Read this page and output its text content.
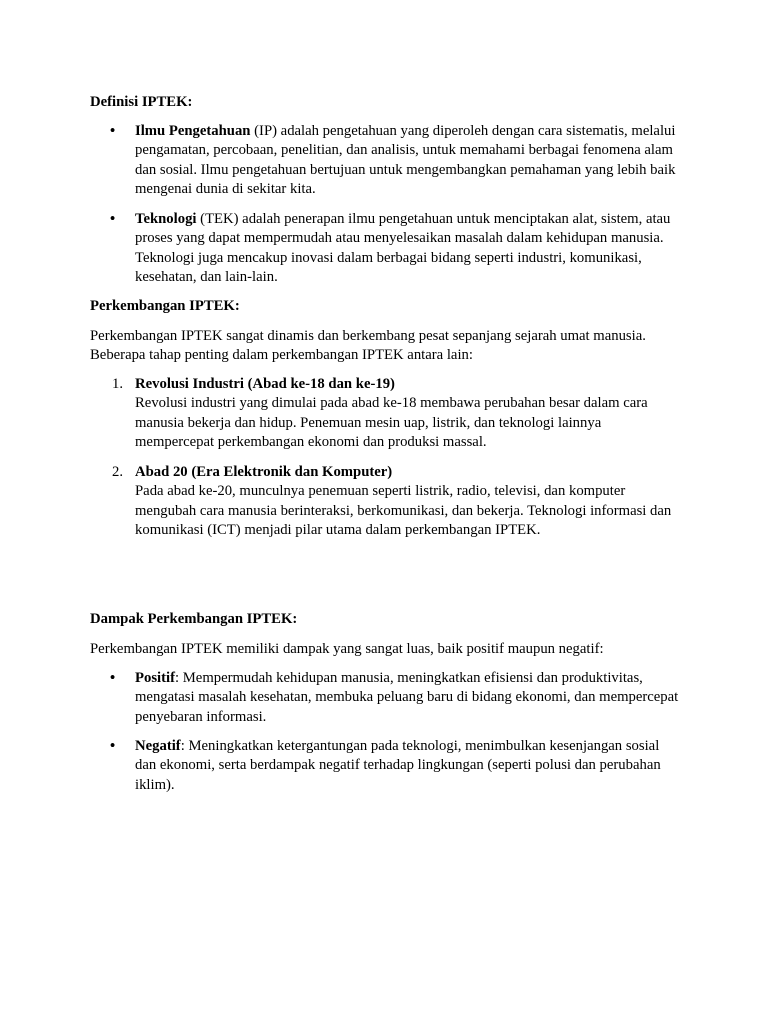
Definisi IPTEK:

• Ilmu Pengetahuan (IP) adalah pengetahuan yang diperoleh dengan cara sistematis, melalui pengamatan, percobaan, penelitian, dan analisis, untuk memahami berbagai fenomena alam dan sosial. Ilmu pengetahuan bertujuan untuk mengembangkan pemahaman yang lebih baik mengenai dunia di sekitar kita.
• Teknologi (TEK) adalah penerapan ilmu pengetahuan untuk menciptakan alat, sistem, atau proses yang dapat mempermudah atau menyelesaikan masalah dalam kehidupan manusia. Teknologi juga mencakup inovasi dalam berbagai bidang seperti industri, komunikasi, kesehatan, dan lain-lain.

Perkembangan IPTEK:

Perkembangan IPTEK sangat dinamis dan berkembang pesat sepanjang sejarah umat manusia. Beberapa tahap penting dalam perkembangan IPTEK antara lain:

1. Revolusi Industri (Abad ke-18 dan ke-19)
Revolusi industri yang dimulai pada abad ke-18 membawa perubahan besar dalam cara manusia bekerja dan hidup. Penemuan mesin uap, listrik, dan teknologi lainnya mempercepat perkembangan ekonomi dan produksi massal.
2. Abad 20 (Era Elektronik dan Komputer)
Pada abad ke-20, munculnya penemuan seperti listrik, radio, televisi, dan komputer mengubah cara manusia berinteraksi, berkomunikasi, dan bekerja. Teknologi informasi dan komunikasi (ICT) menjadi pilar utama dalam perkembangan IPTEK.

Dampak Perkembangan IPTEK:

Perkembangan IPTEK memiliki dampak yang sangat luas, baik positif maupun negatif:

• Positif: Mempermudah kehidupan manusia, meningkatkan efisiensi dan produktivitas, mengatasi masalah kesehatan, membuka peluang baru di bidang ekonomi, dan mempercepat penyebaran informasi.
• Negatif: Meningkatkan ketergantungan pada teknologi, menimbulkan kesenjangan sosial dan ekonomi, serta berdampak negatif terhadap lingkungan (seperti polusi dan perubahan iklim).
